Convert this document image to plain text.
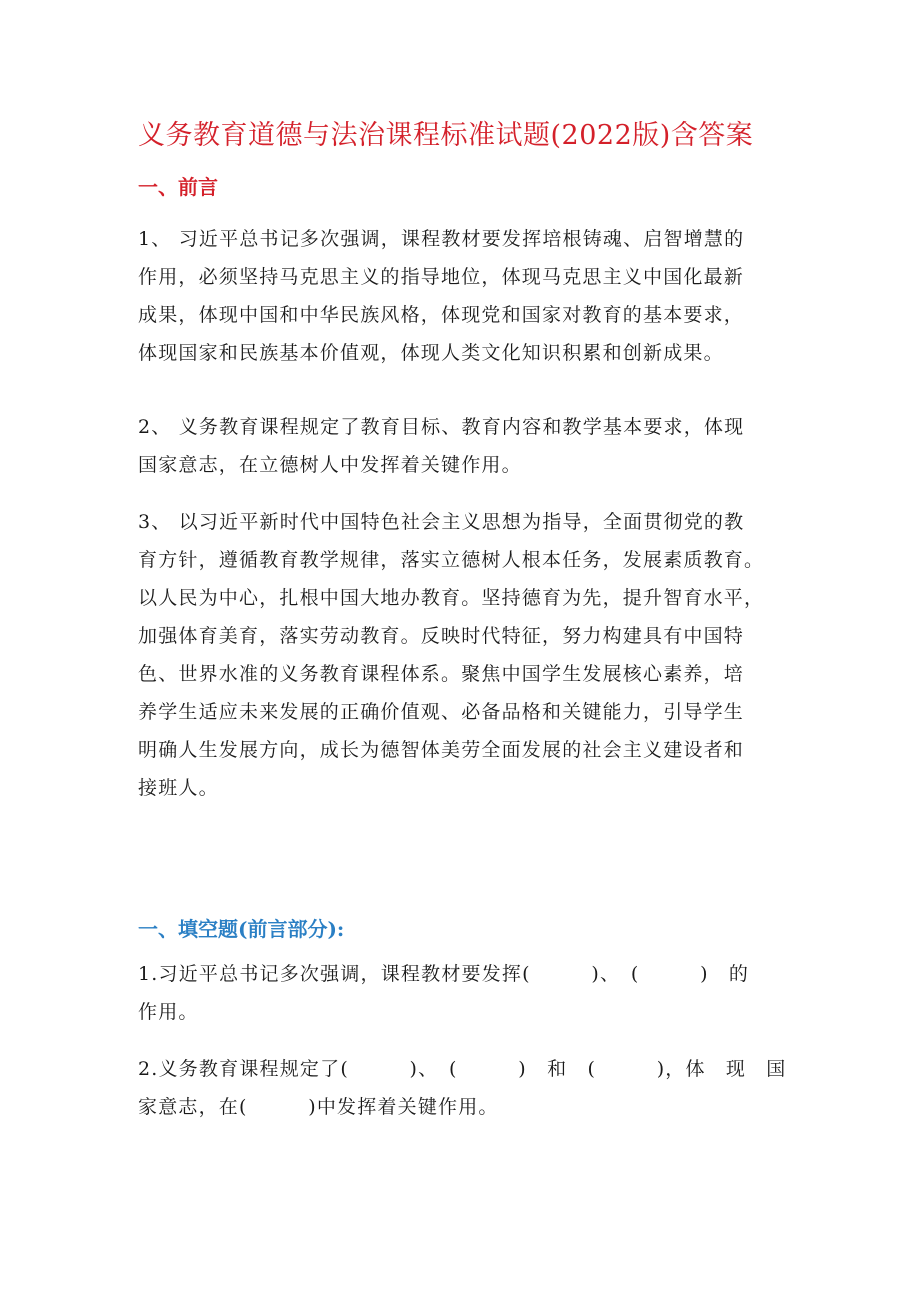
义务教育道德与法治课程标准试题(2022版)含答案
一、前言
1、 习近平总书记多次强调，课程教材要发挥培根铸魂、启智增慧的
作用，必须坚持马克思主义的指导地位，体现马克思主义中国化最新
成果，体现中国和中华民族风格，体现党和国家对教育的基本要求，
体现国家和民族基本价值观，体现人类文化知识积累和创新成果。
2、 义务教育课程规定了教育目标、教育内容和教学基本要求，体现
国家意志，在立德树人中发挥着关键作用。
3、 以习近平新时代中国特色社会主义思想为指导，全面贯彻党的教
育方针，遵循教育教学规律，落实立德树人根本任务，发展素质教育。
以人民为中心，扎根中国大地办教育。坚持德育为先，提升智育水平，
加强体育美育，落实劳动教育。反映时代特征，努力构建具有中国特
色、世界水准的义务教育课程体系。聚焦中国学生发展核心素养，培
养学生适应未来发展的正确价值观、必备品格和关键能力，引导学生
明确人生发展方向，成长为德智体美劳全面发展的社会主义建设者和
接班人。
一、填空题(前言部分):
1.习近平总书记多次强调，课程教材要发挥(　　　)、　(　　　)　的
作用。
2.义务教育课程规定了(　　　)、　(　　　)　和　(　　　)，体　现　国
家意志，在(　　　)中发挥着关键作用。
